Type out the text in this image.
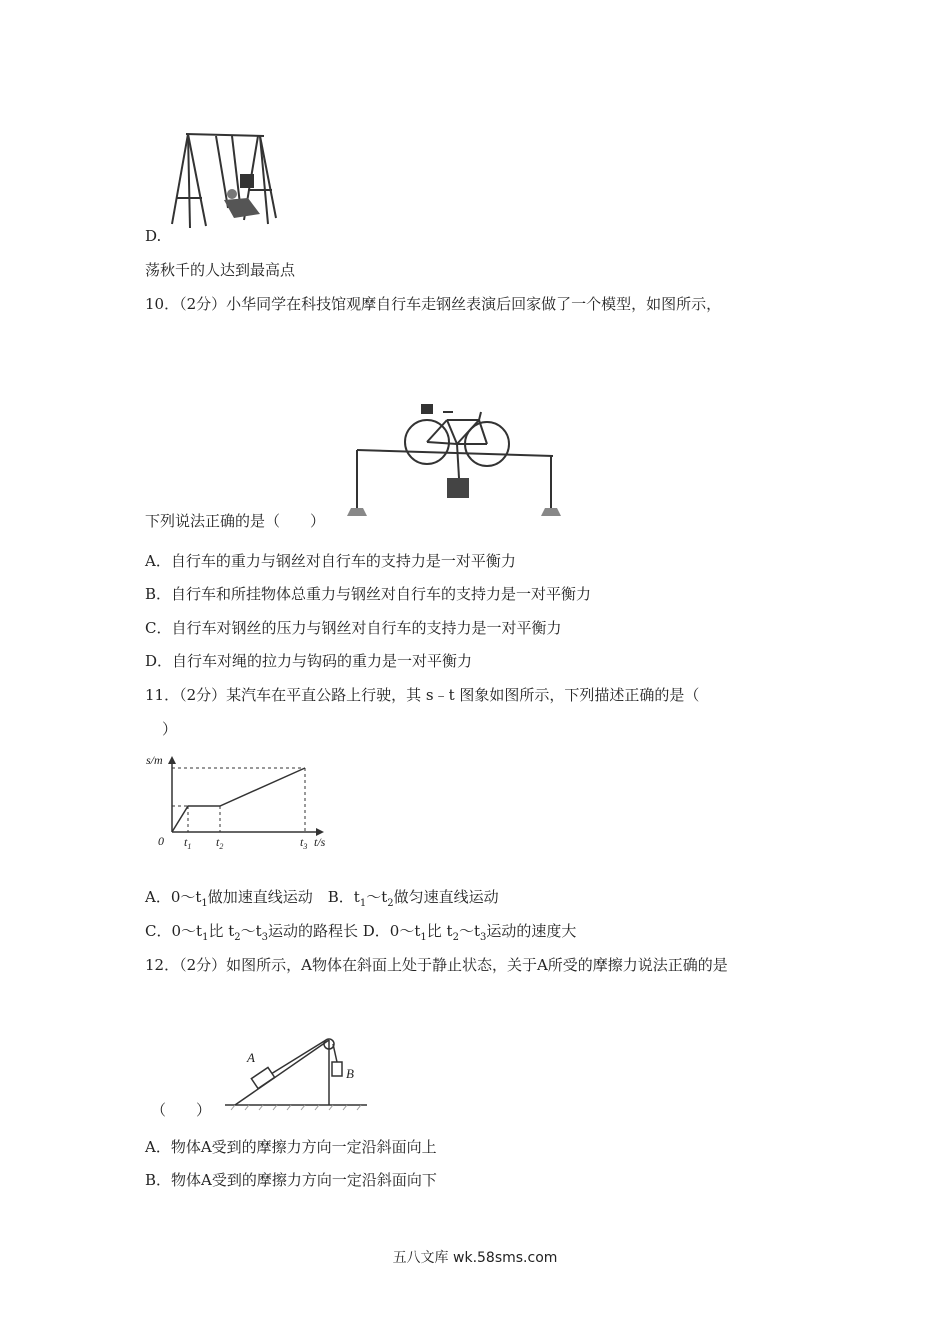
D.
荡秋千的人达到最高点
10．（2分）小华同学在科技馆观摩自行车走钢丝表演后回家做了一个模型，如图所示，
下列说法正确的是（　　）
A．自行车的重力与钢丝对自行车的支持力是一对平衡力
B．自行车和所挂物体总重力与钢丝对自行车的支持力是一对平衡力
C．自行车对钢丝的压力与钢丝对自行车的支持力是一对平衡力
D．自行车对绳的拉力与钩码的重力是一对平衡力
11．（2分）某汽车在平直公路上行驶，其 s﹣t 图象如图所示，下列描述正确的是（
）
s/m
0 $t_1$ $t_2$	$t_3$ t/s
A．$0\sim t_1$做加速直线运动　B．$t_1\sim t_2$做匀速直线运动
C．$0\sim t_1$比 $t_2\sim t_3$运动的路程长 D．$0\sim t_1$比 $t_2\sim t_3$运动的速度大
12．（2分）如图所示，A物体在斜面上处于静止状态，关于A所受的摩擦力说法正确的是
A
B
（　　）
A．物体A受到的摩擦力方向一定沿斜面向上
B．物体A受到的摩擦力方向一定沿斜面向下
五八文库 wk.58sms.com
